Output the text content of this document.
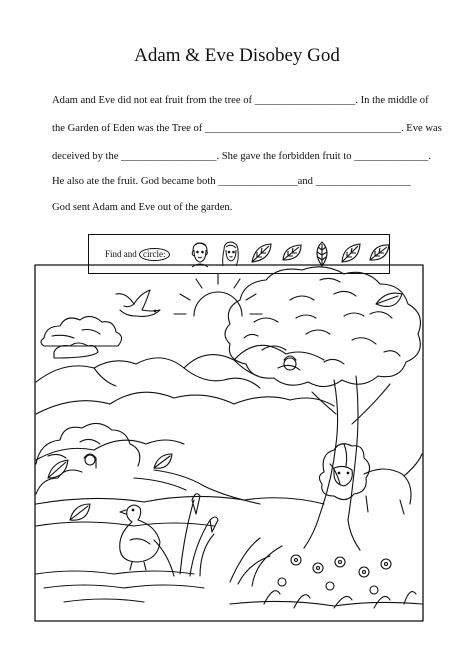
Adam & Eve Disobey God
Adam and Eve did not eat fruit from the tree of ___________________. In the middle of
the Garden of Eden was the Tree of _____________________________________. Eve was
deceived by the __________________. She gave the forbidden fruit to ______________.
He also ate the fruit. God became both _______________and __________________
God sent Adam and Eve out of the garden.
Find and circle:
